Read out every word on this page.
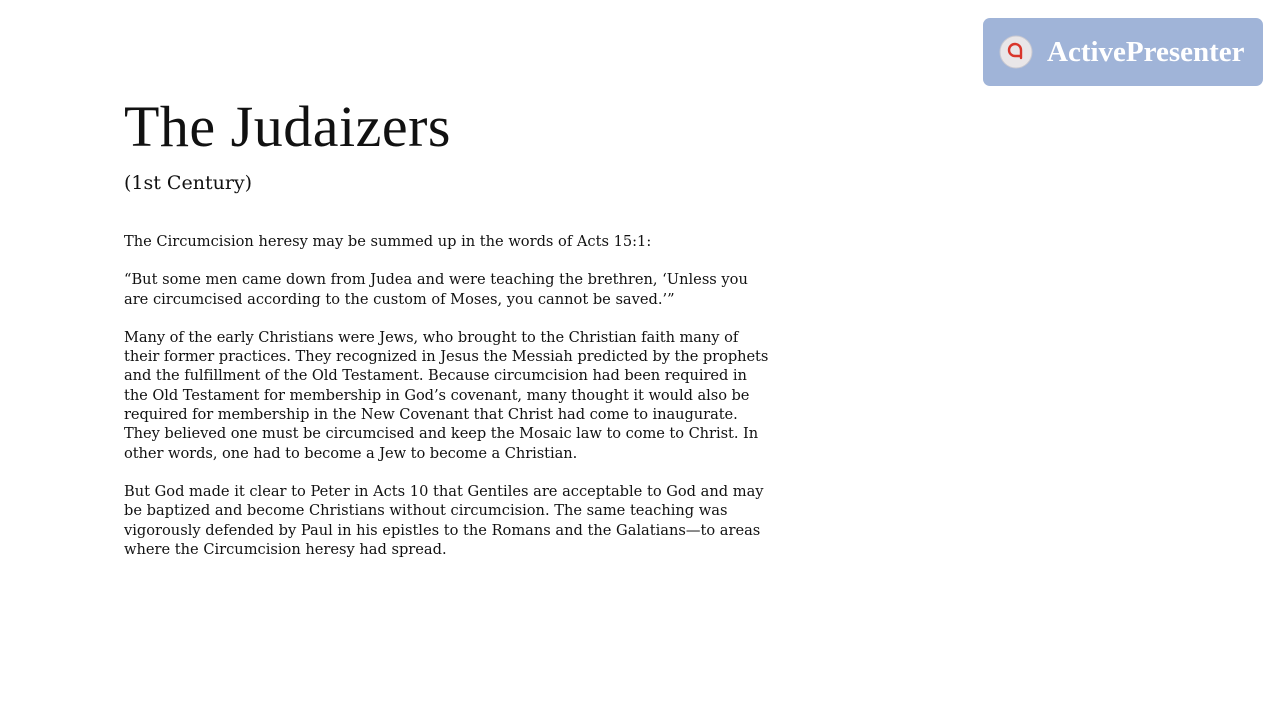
The Judaizers
(1st Century)

The Circumcision heresy may be summed up in the words of Acts 15:1:

“But some men came down from Judea and were teaching the brethren, ‘Unless you are circumcised according to the custom of Moses, you cannot be saved.’”

Many of the early Christians were Jews, who brought to the Christian faith many of their former practices. They recognized in Jesus the Messiah predicted by the prophets and the fulfillment of the Old Testament. Because circumcision had been required in the Old Testament for membership in God’s covenant, many thought it would also be required for membership in the New Covenant that Christ had come to inaugurate. They believed one must be circumcised and keep the Mosaic law to come to Christ. In other words, one had to become a Jew to become a Christian.

But God made it clear to Peter in Acts 10 that Gentiles are acceptable to God and may be baptized and become Christians without circumcision. The same teaching was vigorously defended by Paul in his epistles to the Romans and the Galatians—to areas where the Circumcision heresy had spread.

ActivePresenter
